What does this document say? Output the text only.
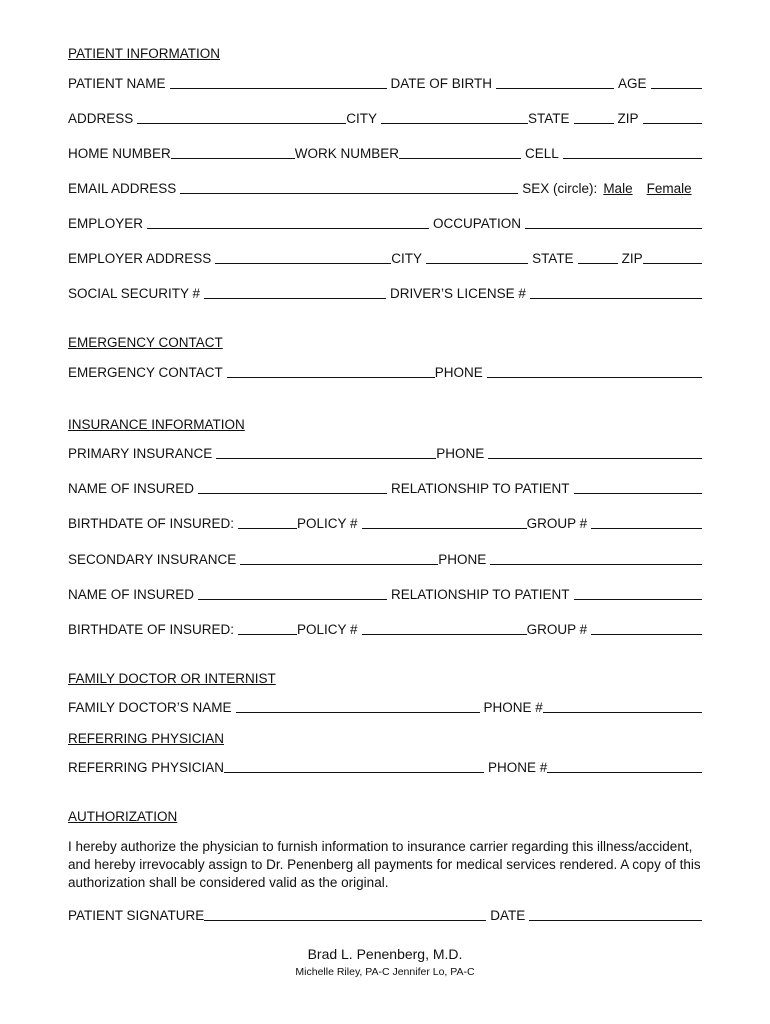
PATIENT INFORMATION
PATIENT NAME	DATE OF BIRTH	AGE
ADDRESS	CITY	STATE	ZIP
HOME NUMBER	WORK NUMBER	CELL
EMAIL ADDRESS	SEX (circle): Male Female
EMPLOYER	OCCUPATION
EMPLOYER ADDRESS	CITY	STATE	ZIP
SOCIAL SECURITY #	DRIVER’S LICENSE #
EMERGENCY CONTACT
EMERGENCY CONTACT	PHONE
INSURANCE INFORMATION
PRIMARY INSURANCE	PHONE
NAME OF INSURED	RELATIONSHIP TO PATIENT
BIRTHDATE OF INSURED:	POLICY #	GROUP #
SECONDARY INSURANCE	PHONE
NAME OF INSURED	RELATIONSHIP TO PATIENT
BIRTHDATE OF INSURED:	POLICY #	GROUP #
FAMILY DOCTOR OR INTERNIST
FAMILY DOCTOR’S NAME	PHONE #
REFERRING PHYSICIAN
REFERRING PHYSICIAN	PHONE #
AUTHORIZATION
I hereby authorize the physician to furnish information to insurance carrier regarding this illness/accident, and hereby irrevocably assign to Dr. Penenberg all payments for medical services rendered. A copy of this authorization shall be considered valid as the original.
PATIENT SIGNATURE	DATE
Brad L. Penenberg, M.D.
Michelle Riley, PA-C Jennifer Lo, PA-C
